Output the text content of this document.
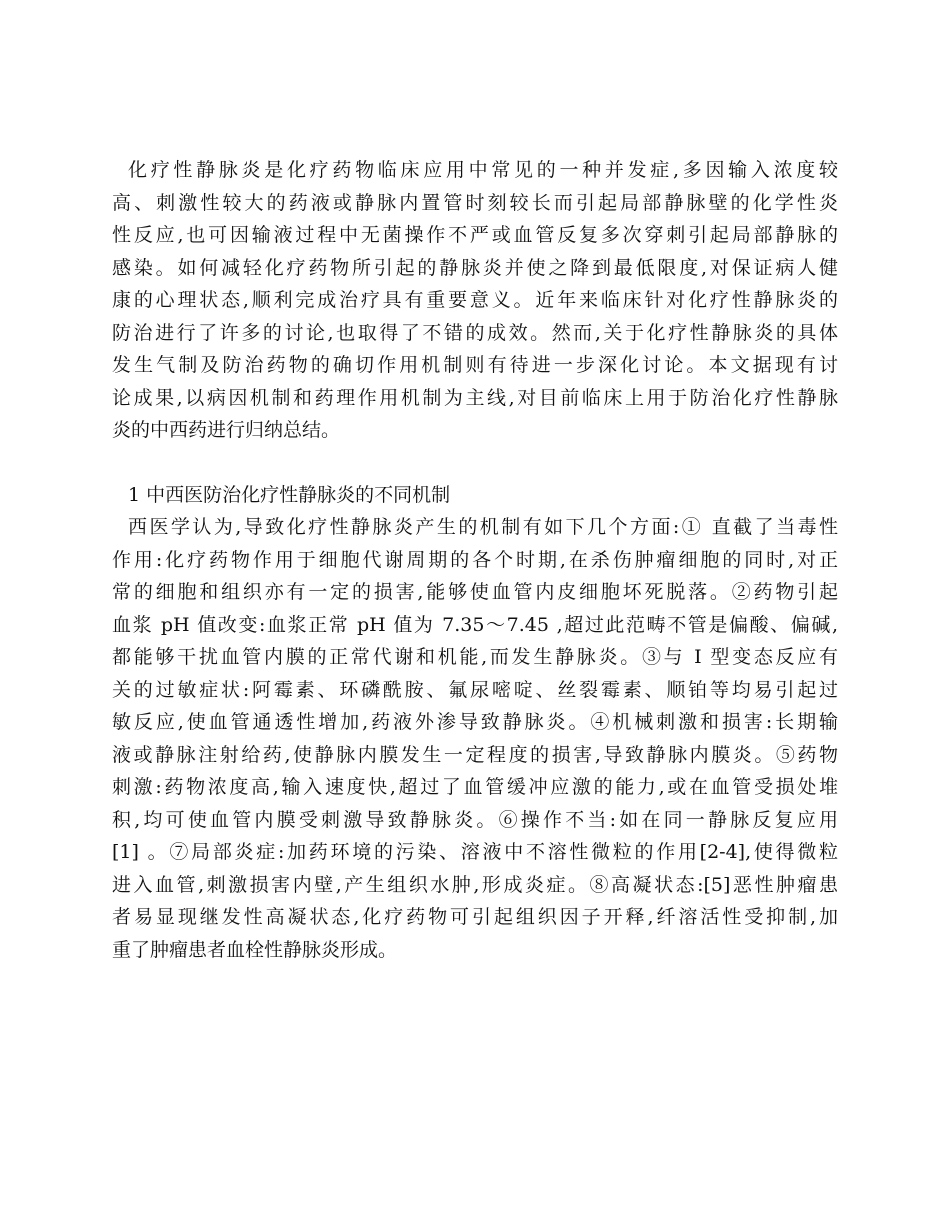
化疗性静脉炎是化疗药物临床应用中常见的一种并发症,多因输入浓度较
高、刺激性较大的药液或静脉内置管时刻较长而引起局部静脉壁的化学性炎
性反应,也可因输液过程中无菌操作不严或血管反复多次穿刺引起局部静脉的
感染。如何减轻化疗药物所引起的静脉炎并使之降到最低限度,对保证病人健
康的心理状态,顺利完成治疗具有重要意义。近年来临床针对化疗性静脉炎的
防治进行了许多的讨论,也取得了不错的成效。然而,关于化疗性静脉炎的具体
发生气制及防治药物的确切作用机制则有待进一步深化讨论。本文据现有讨
论成果,以病因机制和药理作用机制为主线,对目前临床上用于防治化疗性静脉
炎的中西药进行归纳总结。
1 中西医防治化疗性静脉炎的不同机制
西医学认为,导致化疗性静脉炎产生的机制有如下几个方面:① 直截了当毒性
作用:化疗药物作用于细胞代谢周期的各个时期,在杀伤肿瘤细胞的同时,对正
常的细胞和组织亦有一定的损害,能够使血管内皮细胞坏死脱落。②药物引起
血浆 pH 值改变:血浆正常 pH 值为 7.35～7.45 ,超过此范畴不管是偏酸、偏碱,
都能够干扰血管内膜的正常代谢和机能,而发生静脉炎。③与 I 型变态反应有
关的过敏症状:阿霉素、环磷酰胺、氟尿嘧啶、丝裂霉素、顺铂等均易引起过
敏反应,使血管通透性增加,药液外渗导致静脉炎。④机械刺激和损害:长期输
液或静脉注射给药,使静脉内膜发生一定程度的损害,导致静脉内膜炎。⑤药物
刺激:药物浓度高,输入速度快,超过了血管缓冲应激的能力,或在血管受损处堆
积,均可使血管内膜受刺激导致静脉炎。⑥操作不当:如在同一静脉反复应用
[1] 。⑦局部炎症:加药环境的污染、溶液中不溶性微粒的作用[2-4],使得微粒
进入血管,刺激损害内壁,产生组织水肿,形成炎症。⑧高凝状态:[5]恶性肿瘤患
者易显现继发性高凝状态,化疗药物可引起组织因子开释,纤溶活性受抑制,加
重了肿瘤患者血栓性静脉炎形成。
